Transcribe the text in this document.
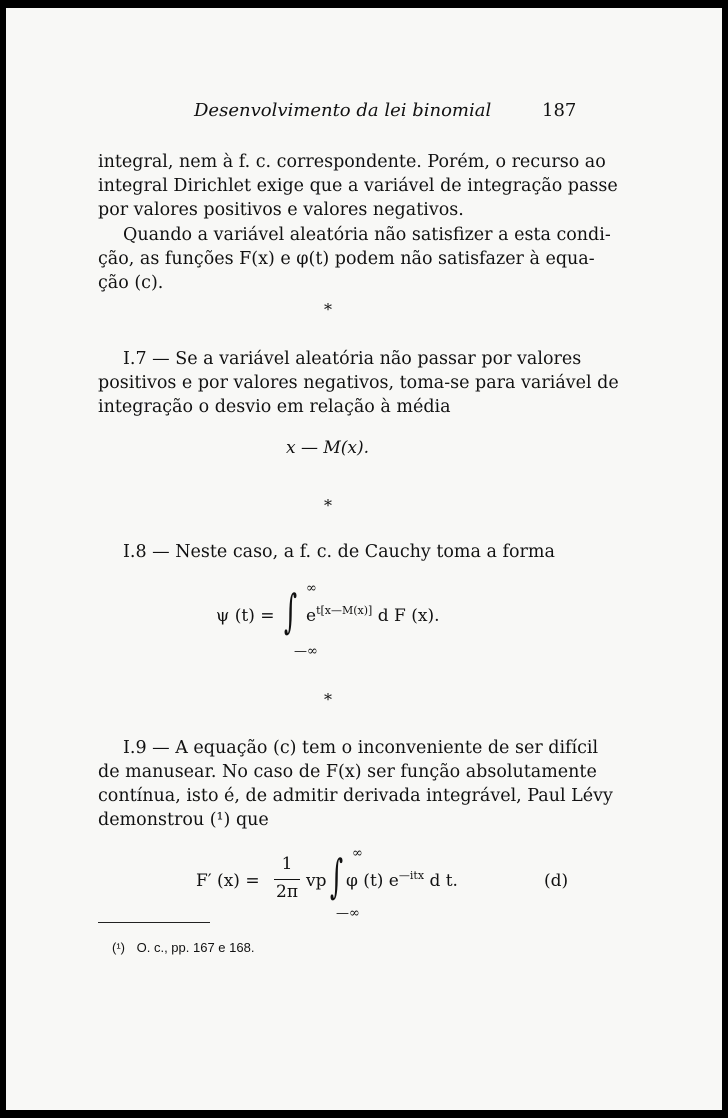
Desenvolvimento da lei binomial	187
integral, nem à f. c. correspondente. Porém, o recurso ao
integral Dirichlet exige que a variável de integração passe
por valores positivos e valores negativos.
Quando a variável aleatória não satisfizer a esta condi-
ção, as funções F(x) e φ(t) podem não satisfazer à equa-
ção (c).
*
I.7 — Se a variável aleatória não passar por valores
positivos e por valores negativos, toma-se para variável de
integração o desvio em relação à média
x — M(x).
*
I.8 — Neste caso, a f. c. de Cauchy toma a forma
ψ (t) =
∞
∫
—∞
$e^{t[x—M(x)]}$ d F (x).
*
I.9 — A equação (c) tem o inconveniente de ser difícil
de manusear. No caso de F(x) ser função absolutamente
contínua, isto é, de admitir derivada integrável, Paul Lévy
demonstrou (¹) que
F′ (x) =
1
2π
vp
∞
∫
—∞
φ (t) $e^{—itx}$ d t.	(d)
(¹) O. c., pp. 167 e 168.
